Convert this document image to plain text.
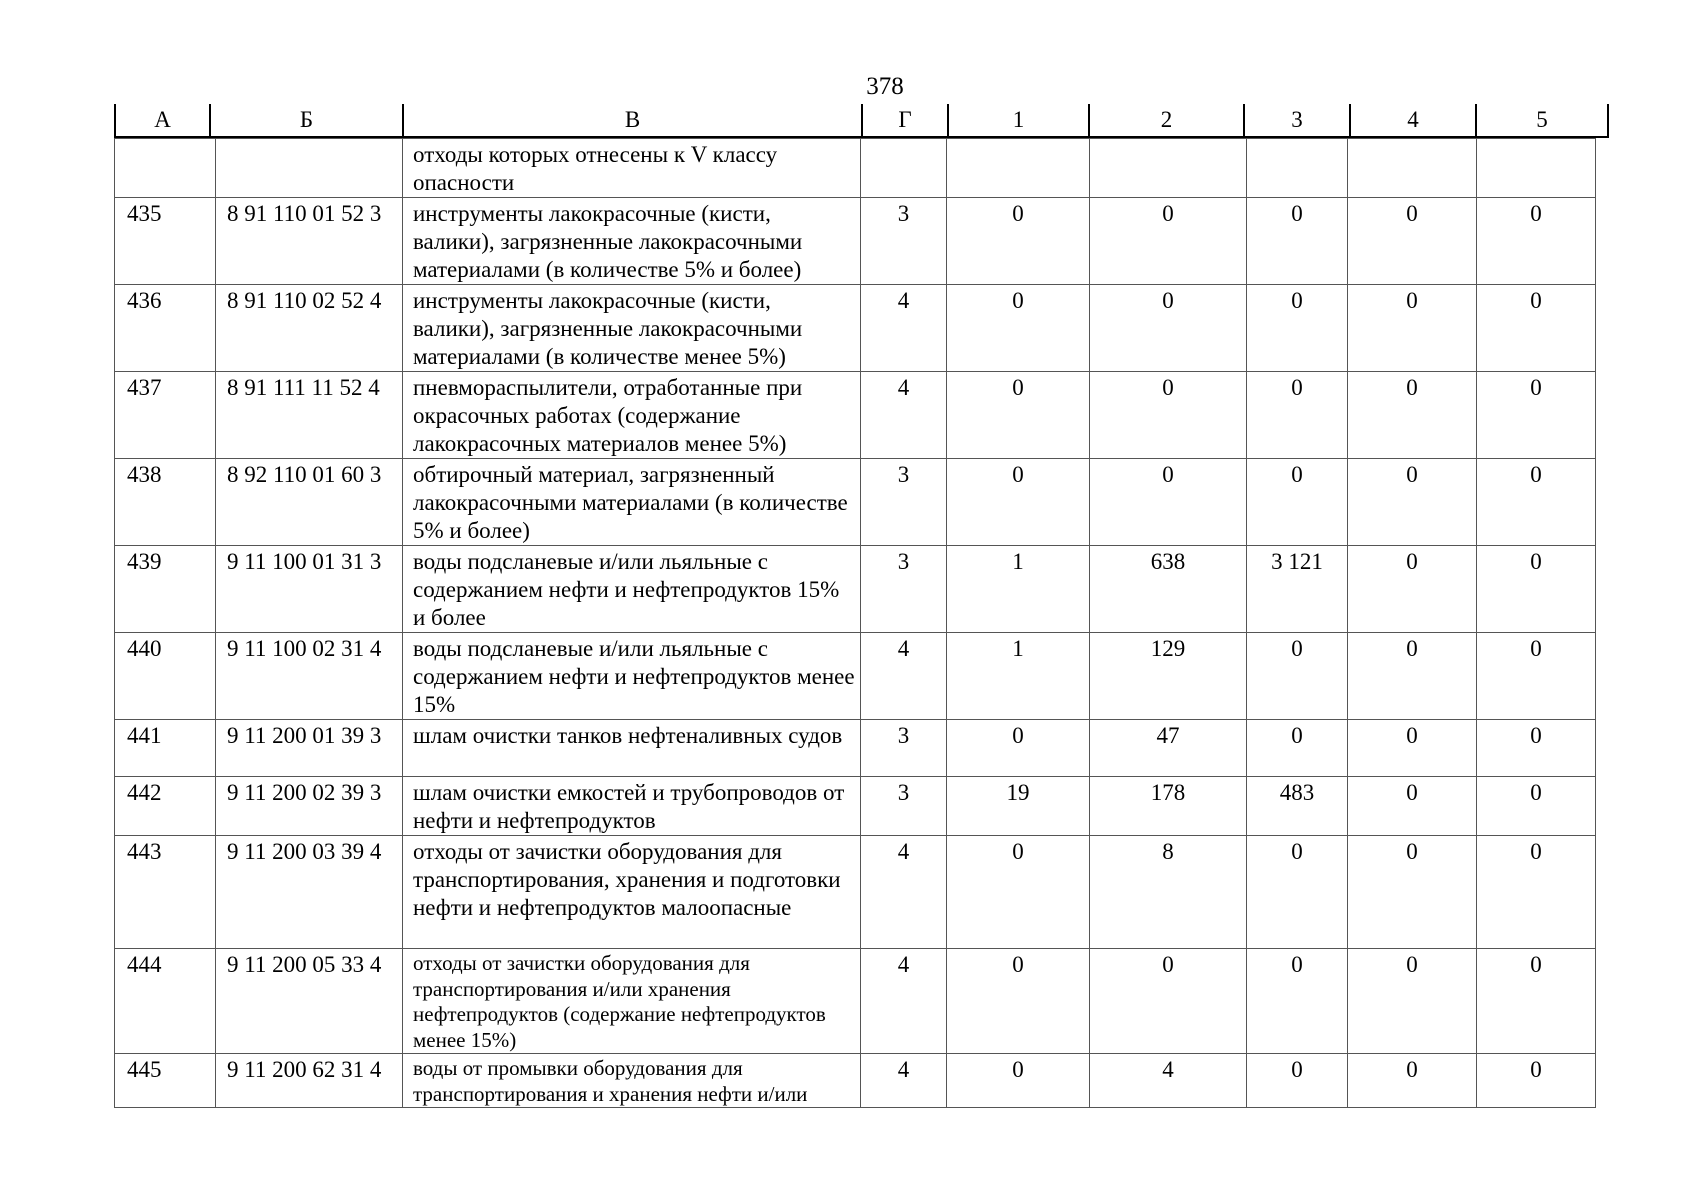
378
А	Б	В	Г	1	2	3	4	5
		отходы которых отнесены к V классу опасности						
435	8 91 110 01 52 3	инструменты лакокрасочные (кисти, валики), загрязненные лакокрасочными материалами (в количестве 5% и более)	3	0	0	0	0	0
436	8 91 110 02 52 4	инструменты лакокрасочные (кисти, валики), загрязненные лакокрасочными материалами (в количестве менее 5%)	4	0	0	0	0	0
437	8 91 111 11 52 4	пневмораспылители, отработанные при окрасочных работах (содержание лакокрасочных материалов менее 5%)	4	0	0	0	0	0
438	8 92 110 01 60 3	обтирочный материал, загрязненный лакокрасочными материалами (в количестве 5% и более)	3	0	0	0	0	0
439	9 11 100 01 31 3	воды подсланевые и/или льяльные с содержанием нефти и нефтепродуктов 15% и более	3	1	638	3 121	0	0
440	9 11 100 02 31 4	воды подсланевые и/или льяльные с содержанием нефти и нефтепродуктов менее 15%	4	1	129	0	0	0
441	9 11 200 01 39 3	шлам очистки танков нефтеналивных судов	3	0	47	0	0	0
442	9 11 200 02 39 3	шлам очистки емкостей и трубопроводов от нефти и нефтепродуктов	3	19	178	483	0	0
443	9 11 200 03 39 4	отходы от зачистки оборудования для транспортирования, хранения и подготовки нефти и нефтепродуктов малоопасные	4	0	8	0	0	0
444	9 11 200 05 33 4	отходы от зачистки оборудования для транспортирования и/или хранения нефтепродуктов (содержание нефтепродуктов менее 15%)	4	0	0	0	0	0
445	9 11 200 62 31 4	воды от промывки оборудования для транспортирования и хранения нефти и/или	4	0	4	0	0	0
